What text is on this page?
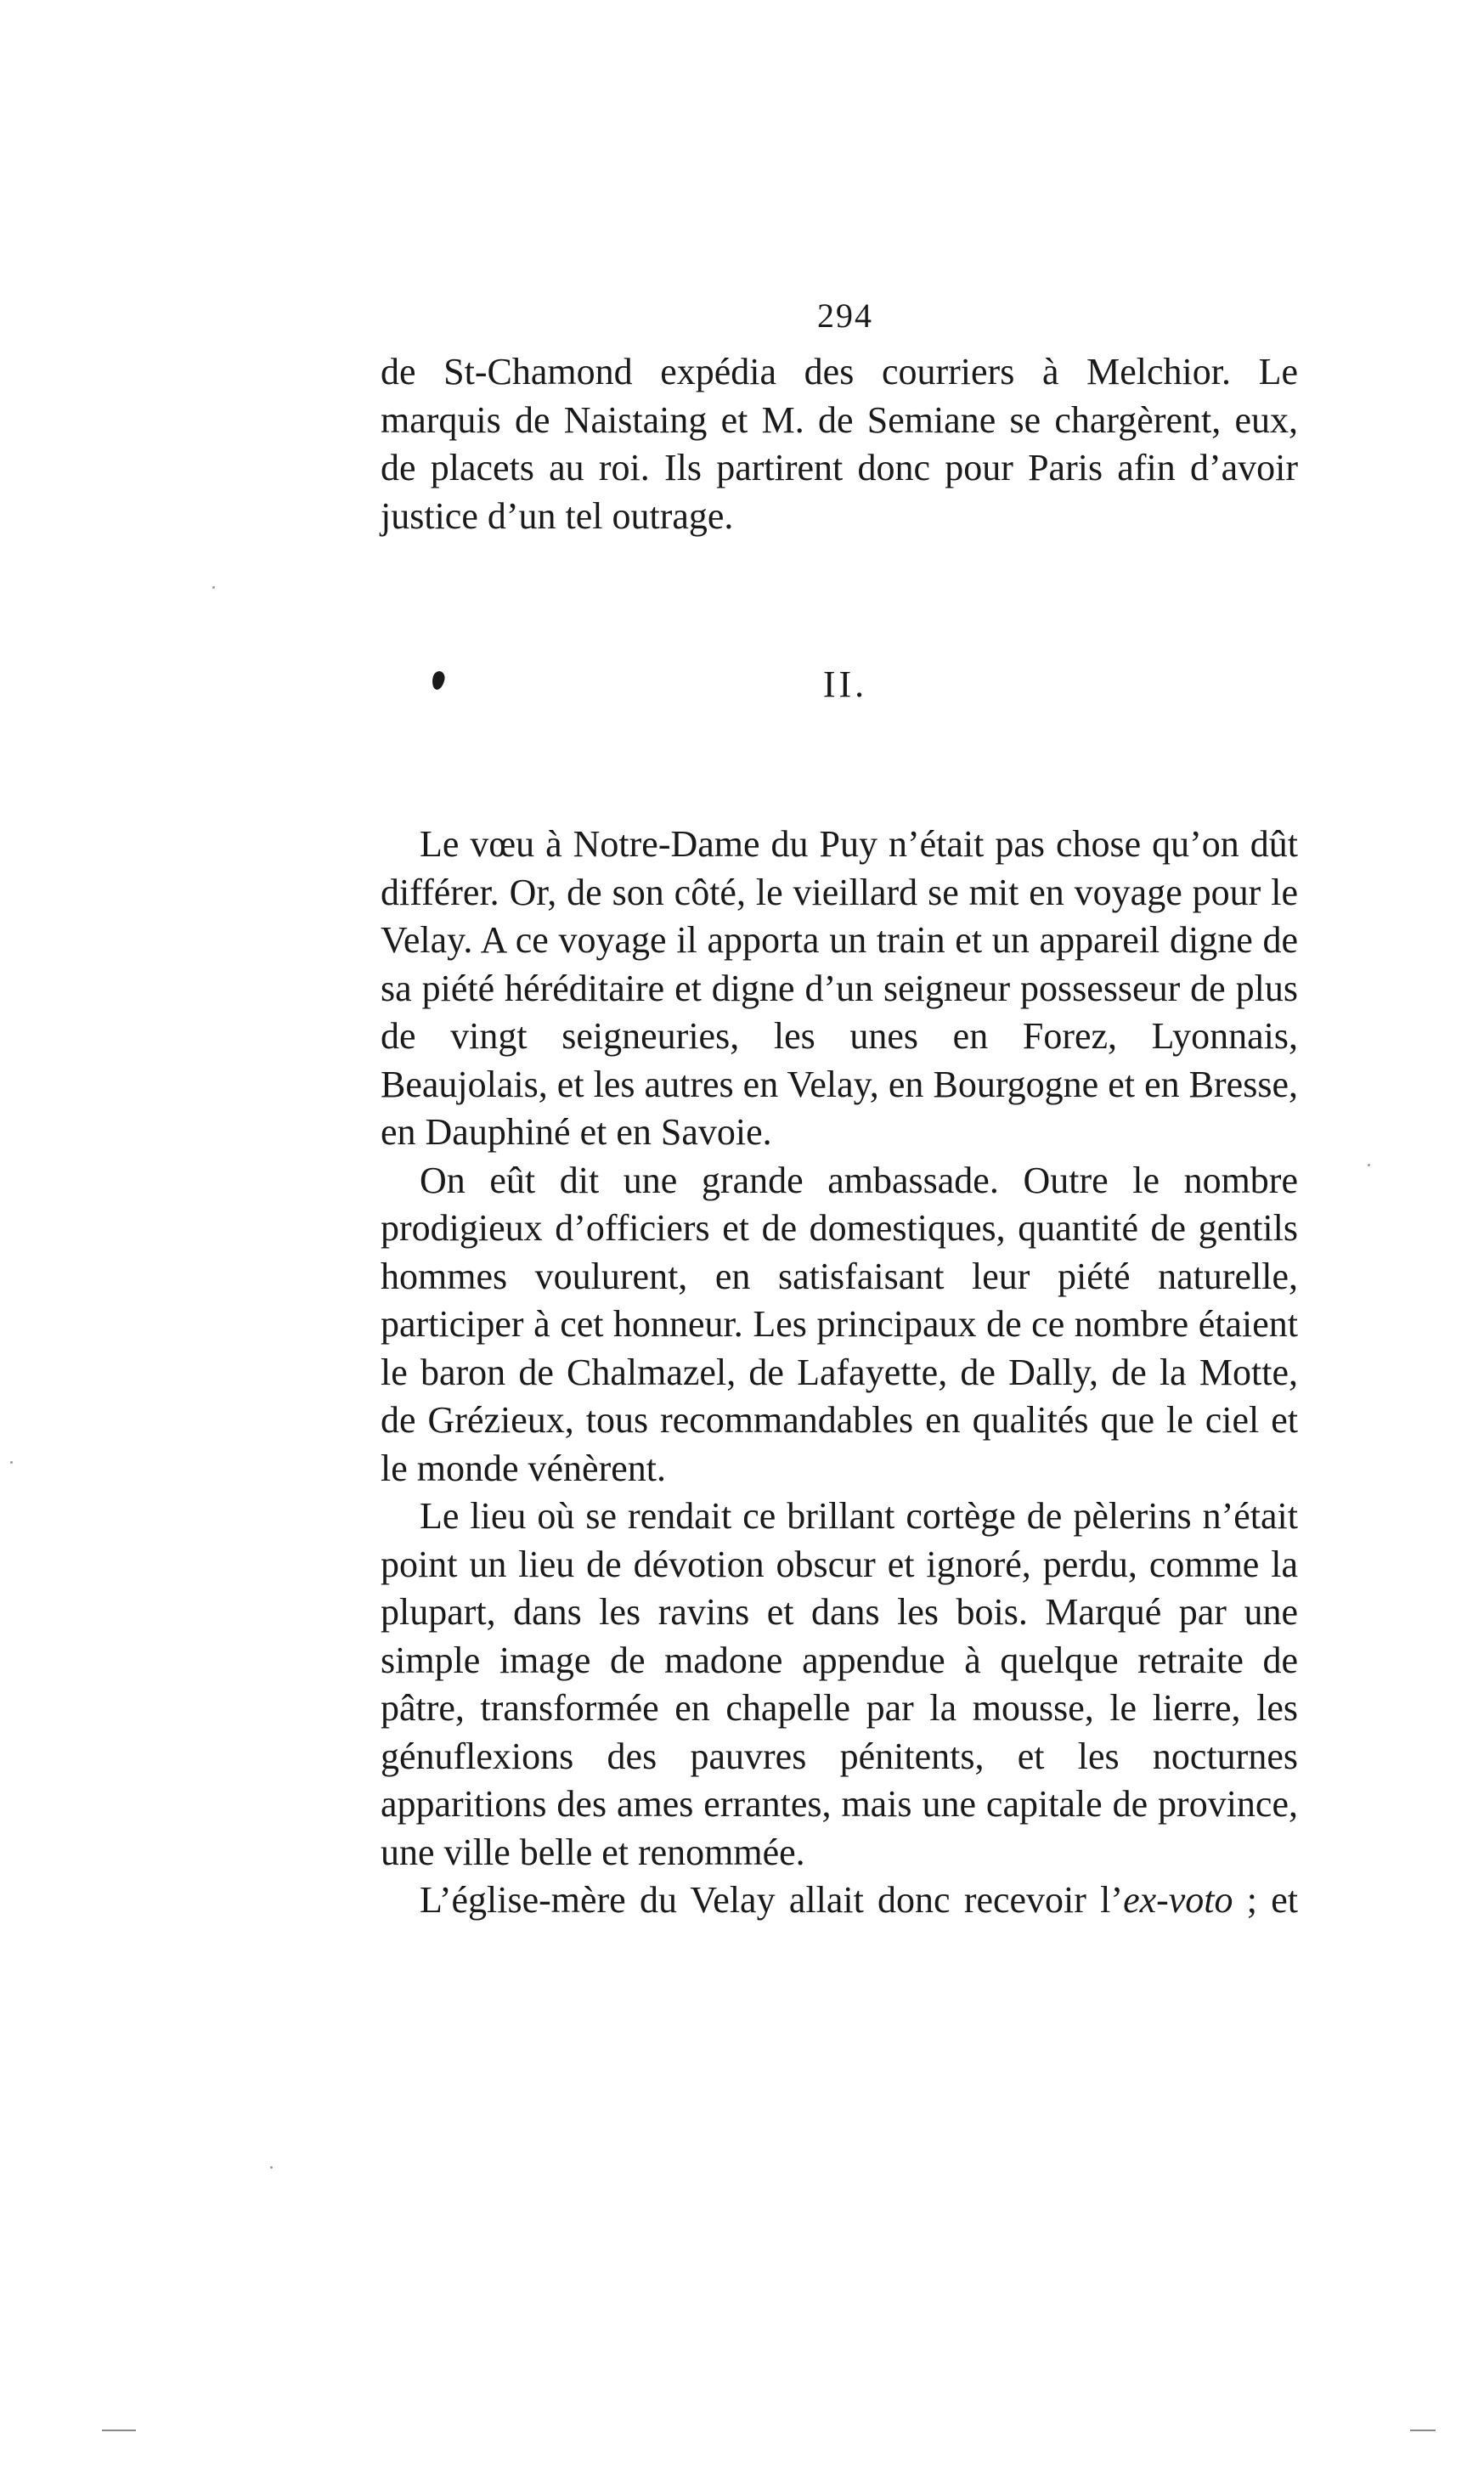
294

de St-Chamond expédia des courriers à Melchior. Le marquis de Naistaing et M. de Semiane se chargèrent, eux, de placets au roi. Ils partirent donc pour Paris afin d’avoir justice d’un tel outrage.

II.

Le vœu à Notre-Dame du Puy n’était pas chose qu’on dût différer. Or, de son côté, le vieillard se mit en voyage pour le Velay. A ce voyage il apporta un train et un appareil digne de sa piété héréditaire et digne d’un seigneur possesseur de plus de vingt seigneuries, les unes en Forez, Lyonnais, Beaujolais, et les autres en Velay, en Bourgogne et en Bresse, en Dauphiné et en Savoie.

On eût dit une grande ambassade. Outre le nombre prodigieux d’officiers et de domestiques, quantité de gentils hommes voulurent, en satisfaisant leur piété naturelle, participer à cet honneur. Les principaux de ce nombre étaient le baron de Chalmazel, de Lafayette, de Dally, de la Motte, de Grézieux, tous recommandables en qualités que le ciel et le monde vénèrent.

Le lieu où se rendait ce brillant cortège de pèlerins n’était point un lieu de dévotion obscur et ignoré, perdu, comme la plupart, dans les ravins et dans les bois. Marqué par une simple image de madone appendue à quelque retraite de pâtre, transformée en chapelle par la mousse, le lierre, les génuflexions des pauvres pénitents, et les nocturnes apparitions des ames errantes, mais une capitale de province, une ville belle et renommée.

L’église-mère du Velay allait donc recevoir l’ex-voto ; et
